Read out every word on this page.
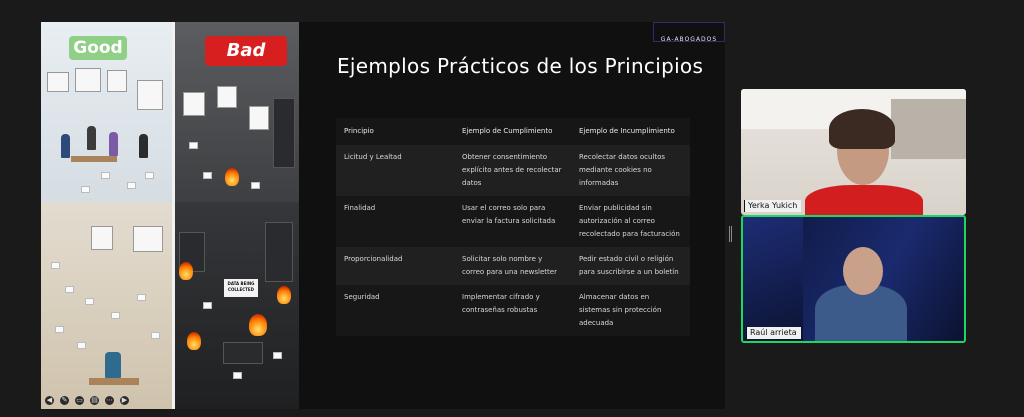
Good	Bad
DATA BEING COLLECTED
◀ ✎ ▭ ▤ ⋯ ▶
GA-ABOGADOS
Ejemplos Prácticos de los Principios
Principio	Ejemplo de Cumplimiento	Ejemplo de Incumplimiento
Licitud y Lealtad	Obtener consentimiento explícito antes de recolectar datos	Recolectar datos ocultos mediante cookies no informadas
Finalidad	Usar el correo solo para enviar la factura solicitada	Enviar publicidad sin autorización al correo recolectado para facturación
Proporcionalidad	Solicitar solo nombre y correo para una newsletter	Pedir estado civil o religión para suscribirse a un boletín
Seguridad	Implementar cifrado y contraseñas robustas	Almacenar datos en sistemas sin protección adecuada
Yerka Yukich
Raúl arrieta
